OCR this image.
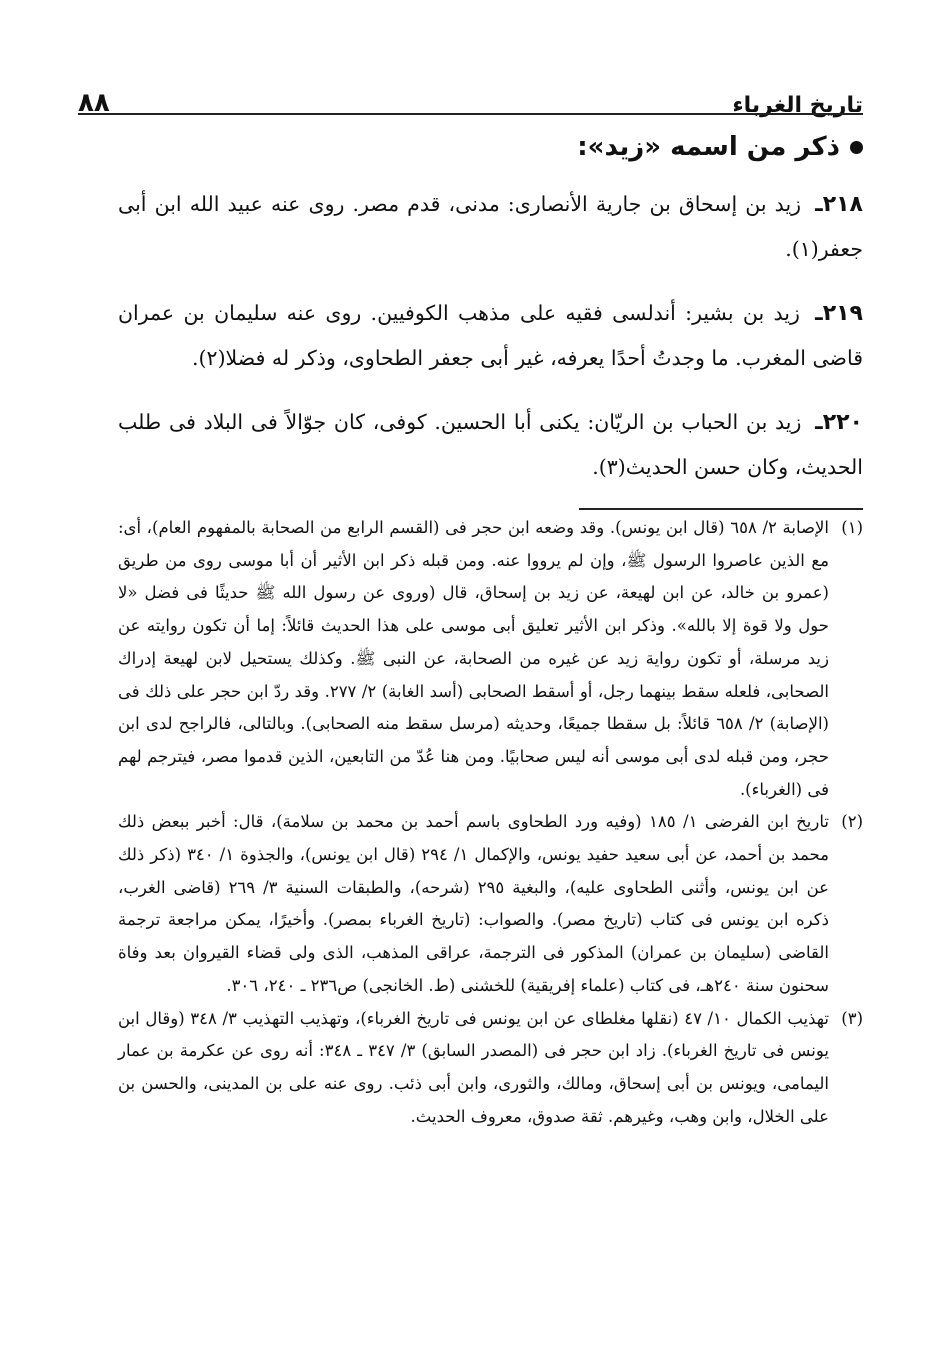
تاريخ الغرباء
٨٨
ذكر من اسمه «زيد»:

٢١٨ـ زيد بن إسحاق بن جارية الأنصارى: مدنى، قدم مصر. روى عنه عبيد الله ابن أبى جعفر(١).

٢١٩ـ زيد بن بشير: أندلسى فقيه على مذهب الكوفيين. روى عنه سليمان بن عمران قاضى المغرب. ما وجدتُ أحدًا يعرفه، غير أبى جعفر الطحاوى، وذكر له فضلا(٢).

٢٢٠ـ زيد بن الحباب بن الريّان: يكنى أبا الحسين. كوفى، كان جوّالاً فى البلاد فى طلب الحديث، وكان حسن الحديث(٣).

(١)
الإصابة ٢/ ٦٥٨ (قال ابن يونس). وقد وضعه ابن حجر فى (القسم الرابع من الصحابة بالمفهوم العام)، أى: مع الذين عاصروا الرسول ﷺ، وإن لم يرووا عنه. ومن قبله ذكر ابن الأثير أن أبا موسى روى من طريق (عمرو بن خالد، عن ابن لهيعة، عن زيد بن إسحاق، قال (وروى عن رسول الله ﷺ حديثًا فى فضل «لا حول ولا قوة إلا بالله». وذكر ابن الأثير تعليق أبى موسى على هذا الحديث قائلاً: إما أن تكون روايته عن زيد مرسلة، أو تكون رواية زيد عن غيره من الصحابة، عن النبى ﷺ. وكذلك يستحيل لابن لهيعة إدراك الصحابى، فلعله سقط بينهما رجل، أو أسقط الصحابى (أسد الغابة) ٢/ ٢٧٧. وقد ردّ ابن حجر على ذلك فى (الإصابة) ٢/ ٦٥٨ قائلاً: بل سقطا جميعًا، وحديثه (مرسل سقط منه الصحابى). وبالتالى، فالراجح لدى ابن حجر، ومن قبله لدى أبى موسى أنه ليس صحابيًا. ومن هنا عُدّ من التابعين، الذين قدموا مصر، فيترجم لهم فى (الغرباء).
(٢)
تاريخ ابن الفرضى ١/ ١٨٥ (وفيه ورد الطحاوى باسم أحمد بن محمد بن سلامة)، قال: أخبر ببعض ذلك محمد بن أحمد، عن أبى سعيد حفيد يونس، والإكمال ١/ ٢٩٤ (قال ابن يونس)، والجذوة ١/ ٣٤٠ (ذكر ذلك عن ابن يونس، وأثنى الطحاوى عليه)، والبغية ٢٩٥ (شرحه)، والطبقات السنية ٣/ ٢٦٩ (قاضى الغرب، ذكره ابن يونس فى كتاب (تاريخ مصر). والصواب: (تاريخ الغرباء بمصر). وأخيرًا، يمكن مراجعة ترجمة القاضى (سليمان بن عمران) المذكور فى الترجمة، عراقى المذهب، الذى ولى قضاء القيروان بعد وفاة سحنون سنة ٢٤٠هـ، فى كتاب (علماء إفريقية) للخشنى (ط. الخانجى) ص٢٣٦ ـ ٢٤٠، ٣٠٦.
(٣)
تهذيب الكمال ١٠/ ٤٧ (نقلها مغلطاى عن ابن يونس فى تاريخ الغرباء)، وتهذيب التهذيب ٣/ ٣٤٨ (وقال ابن يونس فى تاريخ الغرباء). زاد ابن حجر فى (المصدر السابق) ٣/ ٣٤٧ ـ ٣٤٨: أنه روى عن عكرمة بن عمار اليمامى، ويونس بن أبى إسحاق، ومالك، والثورى، وابن أبى ذئب. روى عنه على بن المدينى، والحسن بن على الخلال، وابن وهب، وغيرهم. ثقة صدوق، معروف الحديث.
